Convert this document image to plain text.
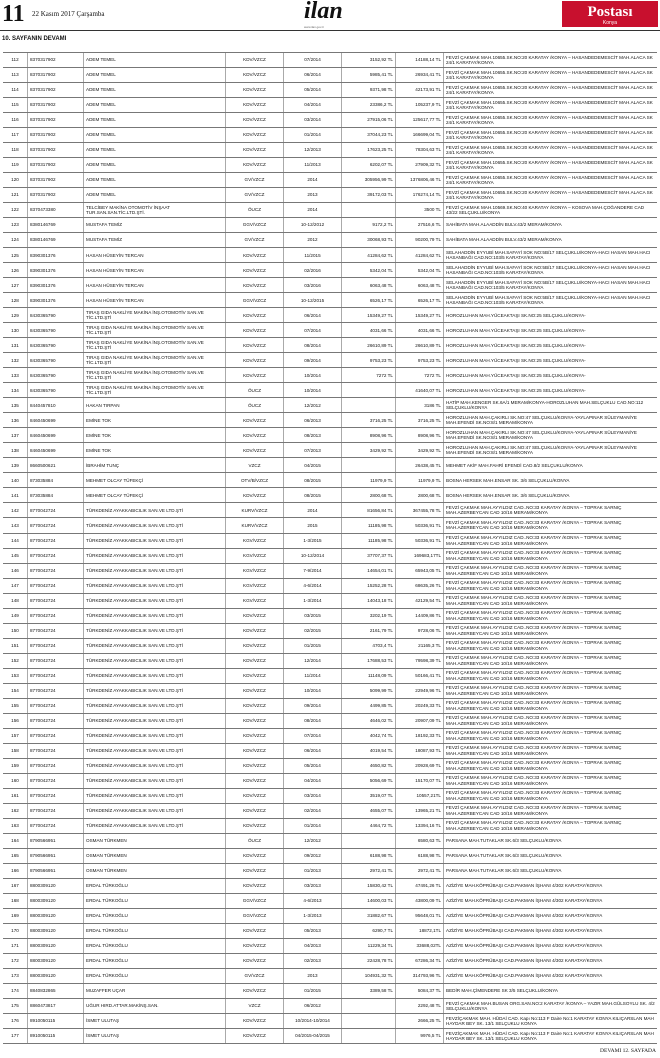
11 22 Kasım 2017 Çarşamba	ilan
www.ilan.gov.tr
Postası
Konya
10. SAYFANIN DEVAMI
112	8370317902	ADEM TEMEL	KDV/VZCZ	07/2014	3152,92 TL	14188,14 TL
FEVZİ ÇAKMAK MAH.10655.SK.NO:20 KARATAY /KONYA – HASANDEDEMESCİT MAH.ALACA SK 24/1 KARATAY/KONYA
113	8370317902	ADEM TEMEL	KDV/VZCZ	06/2014	5985,41 TL	26934,41 TL
FEVZİ ÇAKMAK MAH.10655.SK.NO:20 KARATAY /KONYA – HASANDEDEMESCİT MAH.ALACA SK 24/1 KARATAY/KONYA
114	8370317902	ADEM TEMEL	KDV/VZCZ	05/2014	9371,98 TL	42173,91 TL
FEVZİ ÇAKMAK MAH.10655.SK.NO:20 KARATAY /KONYA – HASANDEDEMESCİT MAH.ALACA SK 24/1 KARATAY/KONYA
115	8370317902	ADEM TEMEL	KDV/VZCZ	04/2014	23386,2 TL	105237,9 TL
FEVZİ ÇAKMAK MAH.10655.SK.NO:20 KARATAY /KONYA – HASANDEDEMESCİT MAH.ALACA SK 24/1 KARATAY/KONYA
116	8370317902	ADEM TEMEL	KDV/VZCZ	03/2014	27915,06 TL	125617,77 TL
FEVZİ ÇAKMAK MAH.10655.SK.NO:20 KARATAY /KONYA – HASANDEDEMESCİT MAH.ALACA SK 24/1 KARATAY/KONYA
117	8370317902	ADEM TEMEL	KDV/VZCZ	01/2014	37044,23 TL	166699,04 TL
FEVZİ ÇAKMAK MAH.10655.SK.NO:20 KARATAY /KONYA – HASANDEDEMESCİT MAH.ALACA SK 24/1 KARATAY/KONYA
118	8370317902	ADEM TEMEL	KDV/VZCZ	12/2013	17623,25 TL	78304,63 TL
FEVZİ ÇAKMAK MAH.10655.SK.NO:20 KARATAY /KONYA – HASANDEDEMESCİT MAH.ALACA SK 24/1 KARATAY/KONYA
119	8370317902	ADEM TEMEL	KDV/VZCZ	11/2013	6202,07 TL	27909,32 TL
FEVZİ ÇAKMAK MAH.10655.SK.NO:20 KARATAY /KONYA – HASANDEDEMESCİT MAH.ALACA SK 24/1 KARATAY/KONYA
120	8370317902	ADEM TEMEL	GV/VZCZ	2014	305956,99 TL	1376806,46 TL
FEVZİ ÇAKMAK MAH.10655.SK.NO:20 KARATAY /KONYA – HASANDEDEMESCİT MAH.ALACA SK 24/1 KARATAY/KONYA
121	8370317902	ADEM TEMEL	GV/VZCZ	2013	39172,03 TL	176274,14 TL
FEVZİ ÇAKMAK MAH.10655.SK.NO:20 KARATAY /KONYA – HASANDEDEMESCİT MAH.ALACA SK 24/1 KARATAY/KONYA
122	8370473380
TELCİBEY MAKİNA OTOMOTİV İNŞAAT TUR.SAN.SAN.TİC.LTD.ŞTİ.
ÖUCZ	2014	3500 TL
FEVZİ ÇAKMAK MAH.10569.SK.NO:40 KARATAY /KONYA – KOSOVA MAH.ÇOĞANDERE CAD 43/22 SELÇUKLU/KONYA
123	8380146769	MUSTAFA TEMİZ	GGV/VZCZ	10-12/2012	9172,2 TL	27516,6 TL	SAHİBATA MAH.ALAADDİN BULV.43/2 MERAM/KONYA
124	8380146769	MUSTAFA TEMİZ	GV/VZCZ	2012	30068,93 TL	90200,79 TL	SAHİBATA MAH.ALAADDİN BULV.43/2 MERAM/KONYA
125	8390301376	HASAN HÜSEYİN TERCAN	KDV/VZCZ	11/2015	41284,62 TL	41284,62 TL
SELAHADDİN EYYUBİ MAH.SAFAYİ SOK NO:5B/17 SELÇUKLU/KONYA-HACI HASAN MAH.HACI HASANBAĞI CAD.NO:103/5 KARATAY/KONYA
126	8390301376	HASAN HÜSEYİN TERCAN	KDV/VZCZ	02/2016	5342,04 TL	5342,04 TL
SELAHADDİN EYYUBİ MAH.SAFAYİ SOK NO:5B/17 SELÇUKLU/KONYA-HACI HASAN MAH.HACI HASANBAĞI CAD.NO:103/5 KARATAY/KONYA
127	8390301376	HASAN HÜSEYİN TERCAN	KDV/VZCZ	03/2016	6063,48 TL	6063,48 TL
SELAHADDİN EYYUBİ MAH.SAFAYİ SOK NO:5B/17 SELÇUKLU/KONYA-HACI HASAN MAH.HACI HASANBAĞI CAD.NO:103/5 KARATAY/KONYA
128	8390301376	HASAN HÜSEYİN TERCAN	GGV/VZCZ	10-12/2015	6526,17 TL	6526,17 TL
SELAHADDİN EYYUBİ MAH.SAFAYİ SOK NO:5B/17 SELÇUKLU/KONYA-HACI HASAN MAH.HACI HASANBAĞI CAD.NO:103/5 KARATAY/KONYA
129	8430365790
TIRAŞ GIDA NAKLİYE MAKİNA İNŞ.OTOMOTİV SAN.VE TİC.LTD.ŞTİ
KDV/VZCZ	06/2014	15349,27 TL	15349,27 TL	HOROZLUHAN MAH.YÜCEAKTAŞI SK.NO:25 SELÇUKLU/KONYA-
130	8430365790
TIRAŞ GIDA NAKLİYE MAKİNA İNŞ.OTOMOTİV SAN.VE TİC.LTD.ŞTİ
KDV/VZCZ	07/2014	4031,66 TL	4031,66 TL	HOROZLUHAN MAH.YÜCEAKTAŞI SK.NO:25 SELÇUKLU/KONYA-
131	8430365790
TIRAŞ GIDA NAKLİYE MAKİNA İNŞ.OTOMOTİV SAN.VE TİC.LTD.ŞTİ
KDV/VZCZ	08/2014	26610,89 TL	26610,89 TL	HOROZLUHAN MAH.YÜCEAKTAŞI SK.NO:25 SELÇUKLU/KONYA-
132	8430365790
TIRAŞ GIDA NAKLİYE MAKİNA İNŞ.OTOMOTİV SAN.VE TİC.LTD.ŞTİ
KDV/VZCZ	09/2014	9753,23 TL	9753,23 TL	HOROZLUHAN MAH.YÜCEAKTAŞI SK.NO:25 SELÇUKLU/KONYA-
133	8430365790
TIRAŞ GIDA NAKLİYE MAKİNA İNŞ.OTOMOTİV SAN.VE TİC.LTD.ŞTİ
KDV/VZCZ	10/2014	7272 TL	7272 TL	HOROZLUHAN MAH.YÜCEAKTAŞI SK.NO:25 SELÇUKLU/KONYA-
134	8430365790
TIRAŞ GIDA NAKLİYE MAKİNA İNŞ.OTOMOTİV SAN.VE TİC.LTD.ŞTİ
ÖUCZ	10/2014	41640,07 TL	HOROZLUHAN MAH.YÜCEAKTAŞI SK.NO:25 SELÇUKLU/KONYA-
135	8440457810	HAKAN TIRPAN	ÖUCZ	12/2012	3186 TL
HATİP MAH.KENGER SK.6A/1 MERAM/KONYA-HOROZLUHAN MAH.SELÇUKLU CAD.NO:112 SELÇUKLU/KONYA
136	8460450699	EMİNE TOK	KDV/VZCZ	06/2013	3716,25 TL	3716,25 TL
HOROZLUHAN MAH.ÇAKIRLI SK.NO:47 SELÇUKLU/KONYA-YAYLAPINAR SÜLEYMANİYE MAH.EFENDİ SK.NO:8/1 MERAM/KONYA
137	8460450699	EMİNE TOK	KDV/VZCZ	08/2013	8908,96 TL	8908,96 TL
HOROZLUHAN MAH.ÇAKIRLI SK.NO:47 SELÇUKLU/KONYA-YAYLAPINAR SÜLEYMANİYE MAH.EFENDİ SK.NO:8/1 MERAM/KONYA
138	8460450699	EMİNE TOK	KDV/VZCZ	07/2013	3429,92 TL	3429,92 TL
HOROZLUHAN MAH.ÇAKIRLI SK.NO:47 SELÇUKLU/KONYA-YAYLAPINAR SÜLEYMANİYE MAH.EFENDİ SK.NO:8/1 MERAM/KONYA
139	8660500621	İBRAHİM TUNÇ	VZCZ	04/2015	26438,45 TL	MEHMET AKİF MAH.FAHRİ EFENDİ CAD.8/2 SELÇUKLU/KONYA
140	873035884	MEHMET OLCAY TÜFEKÇİ	OTV/B/VZCZ	08/2015	11979,9 TL	11979,9 TL	BOSNA HERSEK MAH.ENSAR SK. 3/6 SELÇUKLU/KONYA
141	873035884	MEHMET OLCAY TÜFEKÇİ	KDV/VZCZ	08/2015	2800,68 TL	2800,68 TL	BOSNA HERSEK MAH.ENSAR SK. 3/6 SELÇUKLU/KONYA
142	8770042724	TÜRKDENİZ AYAKKABICILIK SAN.VE LTD.ŞTİ	KURV/VZCZ	2014	81656,84 TL	367455,78 TL
FEVZİ ÇAKMAK MAH.AYYILDIZ CAD..NO:33 KARATAY /KONYA – TOPRAK SARNIÇ MAH.AZERBEYCAN CAD 10/16 MERAM/KONYA
143	8770042724	TÜRKDENİZ AYAKKABICILIK SAN.VE LTD.ŞTİ	KURV/VZCZ	2015	11185,98 TL	50336,91 TL
FEVZİ ÇAKMAK MAH.AYYILDIZ CAD..NO:33 KARATAY /KONYA – TOPRAK SARNIÇ MAH.AZERBEYCAN CAD 10/16 MERAM/KONYA
144	8770042724	TÜRKDENİZ AYAKKABICILIK SAN.VE LTD.ŞTİ	KGV/VZCZ	1-3/2015	11185,98 TL	50336,91 TL
FEVZİ ÇAKMAK MAH.AYYILDIZ CAD..NO:33 KARATAY /KONYA – TOPRAK SARNIÇ MAH.AZERBEYCAN CAD 10/16 MERAM/KONYA
145	8770042724	TÜRKDENİZ AYAKKABICILIK SAN.VE LTD.ŞTİ	KGV/VZCZ	10-12/2014	37707,37 TL	169683,17TL
FEVZİ ÇAKMAK MAH.AYYILDIZ CAD..NO:33 KARATAY /KONYA – TOPRAK SARNIÇ MAH.AZERBEYCAN CAD 10/16 MERAM/KONYA
146	8770042724	TÜRKDENİZ AYAKKABICILIK SAN.VE LTD.ŞTİ	KGV/VZCZ	7-9/2014	14654,01 TL	65943,05 TL
FEVZİ ÇAKMAK MAH.AYYILDIZ CAD..NO:33 KARATAY /KONYA – TOPRAK SARNIÇ MAH.AZERBEYCAN CAD 10/16 MERAM/KONYA
147	8770042724	TÜRKDENİZ AYAKKABICILIK SAN.VE LTD.ŞTİ	KGV/VZCZ	4-6/2014	15252,28 TL	68635,26 TL
FEVZİ ÇAKMAK MAH.AYYILDIZ CAD..NO:33 KARATAY /KONYA – TOPRAK SARNIÇ MAH.AZERBEYCAN CAD 10/16 MERAM/KONYA
148	8770042724	TÜRKDENİZ AYAKKABICILIK SAN.VE LTD.ŞTİ	KGV/VZCZ	1-3/2014	14043,18 TL	42129,54 TL
FEVZİ ÇAKMAK MAH.AYYILDIZ CAD..NO:33 KARATAY /KONYA – TOPRAK SARNIÇ MAH.AZERBEYCAN CAD 10/16 MERAM/KONYA
149	8770042724	TÜRKDENİZ AYAKKABICILIK SAN.VE LTD.ŞTİ	KDV/VZCZ	03/2015	3202,19 TL	14409,86 TL
FEVZİ ÇAKMAK MAH.AYYILDIZ CAD..NO:33 KARATAY /KONYA – TOPRAK SARNIÇ MAH.AZERBEYCAN CAD 10/16 MERAM/KONYA
150	8770042724	TÜRKDENİZ AYAKKABICILIK SAN.VE LTD.ŞTİ	KDV/VZCZ	02/2015	2161,79 TL	9728,06 TL
FEVZİ ÇAKMAK MAH.AYYILDIZ CAD..NO:33 KARATAY /KONYA – TOPRAK SARNIÇ MAH.AZERBEYCAN CAD 10/16 MERAM/KONYA
151	8770042724	TÜRKDENİZ AYAKKABICILIK SAN.VE LTD.ŞTİ	KDV/VZCZ	01/2015	4703,4 TL	21165,3 TL
FEVZİ ÇAKMAK MAH.AYYILDIZ CAD..NO:33 KARATAY /KONYA – TOPRAK SARNIÇ MAH.AZERBEYCAN CAD 10/16 MERAM/KONYA
152	8770042724	TÜRKDENİZ AYAKKABICILIK SAN.VE LTD.ŞTİ	KDV/VZCZ	12/2014	17688,53 TL	79598,39 TL
FEVZİ ÇAKMAK MAH.AYYILDIZ CAD..NO:33 KARATAY /KONYA – TOPRAK SARNIÇ MAH.AZERBEYCAN CAD 10/16 MERAM/KONYA
153	8770042724	TÜRKDENİZ AYAKKABICILIK SAN.VE LTD.ŞTİ	KDV/VZCZ	11/2014	11148,09 TL	50166,41 TL
FEVZİ ÇAKMAK MAH.AYYILDIZ CAD..NO:33 KARATAY /KONYA – TOPRAK SARNIÇ MAH.AZERBEYCAN CAD 10/16 MERAM/KONYA
154	8770042724	TÜRKDENİZ AYAKKABICILIK SAN.VE LTD.ŞTİ	KDV/VZCZ	10/2014	5099,99 TL	22949,96 TL
FEVZİ ÇAKMAK MAH.AYYILDIZ CAD..NO:33 KARATAY /KONYA – TOPRAK SARNIÇ MAH.AZERBEYCAN CAD 10/16 MERAM/KONYA
155	8770042724	TÜRKDENİZ AYAKKABICILIK SAN.VE LTD.ŞTİ	KDV/VZCZ	09/2014	4499,85 TL	20249,33 TL
FEVZİ ÇAKMAK MAH.AYYILDIZ CAD..NO:33 KARATAY /KONYA – TOPRAK SARNIÇ MAH.AZERBEYCAN CAD 10/16 MERAM/KONYA
156	8770042724	TÜRKDENİZ AYAKKABICILIK SAN.VE LTD.ŞTİ	KDV/VZCZ	08/2014	4646,02 TL	20907,09 TL
FEVZİ ÇAKMAK MAH.AYYILDIZ CAD..NO:33 KARATAY /KONYA – TOPRAK SARNIÇ MAH.AZERBEYCAN CAD 10/16 MERAM/KONYA
157	8770042724	TÜRKDENİZ AYAKKABICILIK SAN.VE LTD.ŞTİ	KDV/VZCZ	07/2014	4042,74 TL	18192,33 TL
FEVZİ ÇAKMAK MAH.AYYILDIZ CAD..NO:33 KARATAY /KONYA – TOPRAK SARNIÇ MAH.AZERBEYCAN CAD 10/16 MERAM/KONYA
158	8770042724	TÜRKDENİZ AYAKKABICILIK SAN.VE LTD.ŞTİ	KDV/VZCZ	06/2014	4019,54 TL	18087,93 TL
FEVZİ ÇAKMAK MAH.AYYILDIZ CAD..NO:33 KARATAY /KONYA – TOPRAK SARNIÇ MAH.AZERBEYCAN CAD 10/16 MERAM/KONYA
159	8770042724	TÜRKDENİZ AYAKKABICILIK SAN.VE LTD.ŞTİ	KDV/VZCZ	05/2014	4650,82 TL	20928,69 TL
FEVZİ ÇAKMAK MAH.AYYILDIZ CAD..NO:33 KARATAY /KONYA – TOPRAK SARNIÇ MAH.AZERBEYCAN CAD 10/16 MERAM/KONYA
160	8770042724	TÜRKDENİZ AYAKKABICILIK SAN.VE LTD.ŞTİ	KDV/VZCZ	04/2014	5056,69 TL	15170,07 TL
FEVZİ ÇAKMAK MAH.AYYILDIZ CAD..NO:33 KARATAY /KONYA – TOPRAK SARNIÇ MAH.AZERBEYCAN CAD 10/16 MERAM/KONYA
161	8770042724	TÜRKDENİZ AYAKKABICILIK SAN.VE LTD.ŞTİ	KDV/VZCZ	03/2014	3519,07 TL	10557,21TL
FEVZİ ÇAKMAK MAH.AYYILDIZ CAD..NO:33 KARATAY /KONYA – TOPRAK SARNIÇ MAH.AZERBEYCAN CAD 10/16 MERAM/KONYA
162	8770042724	TÜRKDENİZ AYAKKABICILIK SAN.VE LTD.ŞTİ	KDV/VZCZ	02/2014	4655,07 TL	13965,21 TL
FEVZİ ÇAKMAK MAH.AYYILDIZ CAD..NO:33 KARATAY /KONYA – TOPRAK SARNIÇ MAH.AZERBEYCAN CAD 10/16 MERAM/KONYA
163	8770042724	TÜRKDENİZ AYAKKABICILIK SAN.VE LTD.ŞTİ	KDV/VZCZ	01/2014	4464,72 TL	13394,16 TL
FEVZİ ÇAKMAK MAH.AYYILDIZ CAD..NO:33 KARATAY /KONYA – TOPRAK SARNIÇ MAH.AZERBEYCAN CAD 10/16 MERAM/KONYA
164	8790566951	OSMAN TÜRKMEN	ÖUCZ	12/2012	6580,63 TL	PARSANA MAH.TUTAKLAR SK.6/3 SELÇUKLU/KONYA
165	8790566951	OSMAN TÜRKMEN	KDV/VZCZ	09/2012	6188,98 TL	6188,98 TL	PARSANA MAH.TUTAKLAR SK.6/3 SELÇUKLU/KONYA
166	8790566951	OSMAN TÜRKMEN	KDV/VZCZ	01/2013	2972,41 TL	2972,41 TL	PARSANA MAH.TUTAKLAR SK.6/3 SELÇUKLU/KONYA
167	8800309120	ERDAL TÜRKOĞLU	KDV/VZCZ	03/2013	15830,42 TL	47491,26 TL	AZİZİYE MAH.KÖPRÜBAŞI CAD.PAKMAN İŞHANI 4/302 KARATAY/KONYA
168	8800309120	ERDAL TÜRKOĞLU	GGV/VZCZ	4-6/2013	14600,03 TL	43800,09 TL	AZİZİYE MAH.KÖPRÜBAŞI CAD.PAKMAN İŞHANI 4/302 KARATAY/KONYA
169	8800309120	ERDAL TÜRKOĞLU	GGV/VZCZ	1-3/2013	31882,67 TL	95648,01 TL	AZİZİYE MAH.KÖPRÜBAŞI CAD.PAKMAN İŞHANI 4/302 KARATAY/KONYA
170	8800309120	ERDAL TÜRKOĞLU	KDV/VZCZ	05/2013	6290,7 TL	18872,1TL	AZİZİYE MAH.KÖPRÜBAŞI CAD.PAKMAN İŞHANI 4/302 KARATAY/KONYA
171	8800309120	ERDAL TÜRKOĞLU	KDV/VZCZ	04/2013	11229,34 TL	33688,02TL	AZİZİYE MAH.KÖPRÜBAŞI CAD.PAKMAN İŞHANI 4/302 KARATAY/KONYA
172	8800309120	ERDAL TÜRKOĞLU	KDV/VZCZ	02/2013	22428,78 TL	67286,34 TL	AZİZİYE MAH.KÖPRÜBAŞI CAD.PAKMAN İŞHANI 4/302 KARATAY/KONYA
173	8800309120	ERDAL TÜRKOĞLU	GV/VZCZ	2013	104931,32 TL	314793,96 TL	AZİZİYE MAH.KÖPRÜBAŞI CAD.PAKMAN İŞHANI 4/302 KARATAY/KONYA
174	8840832865	MUZAFFER UÇAR	KDV/VZCZ	01/2015	3389,58 TL	5084,37 TL	BEDİR MAH.ÇİMENDERE SK 3/5 SELÇUKLU/KONYA
175	8860473817	UĞUR HIRD.ATTAR.MAKİNŞ.SAN.	VZCZ	06/2012	2292,48 TL
FEVZİ ÇAKMAK MAH.BUSAN ORG.SAN.NO:2 KARATAY /KONYA – YAZIR MAH.GÜLSOYLU SK. 4/2 SELÇUKLU/KONYA
176	8910050115	İSMET ULUTAŞ	KDV/VZCZ	10/2014-10/2014	2666,25 TL
FEVZİÇAKMAK MAH. HÜDAİ CAD. Kapı No:113 F Daire No:1 KARATAY KONYA KILIÇARSLAN MAH HAYDAR BEY SK. 13/1 SELÇUKLU KONYA
177	8910050115	İSMET ULUTAŞ	KDV/VZCZ	04/2015-04/2015	9976,5 TL
FEVZİÇAKMAK MAH. HÜDAİ CAD. Kapı No:113 F Daire No:1 KARATAY KONYA KILIÇARSLAN MAH HAYDAR BEY SK. 13/1 SELÇUKLU KONYA
DEVAMI 12. SAYFADA
